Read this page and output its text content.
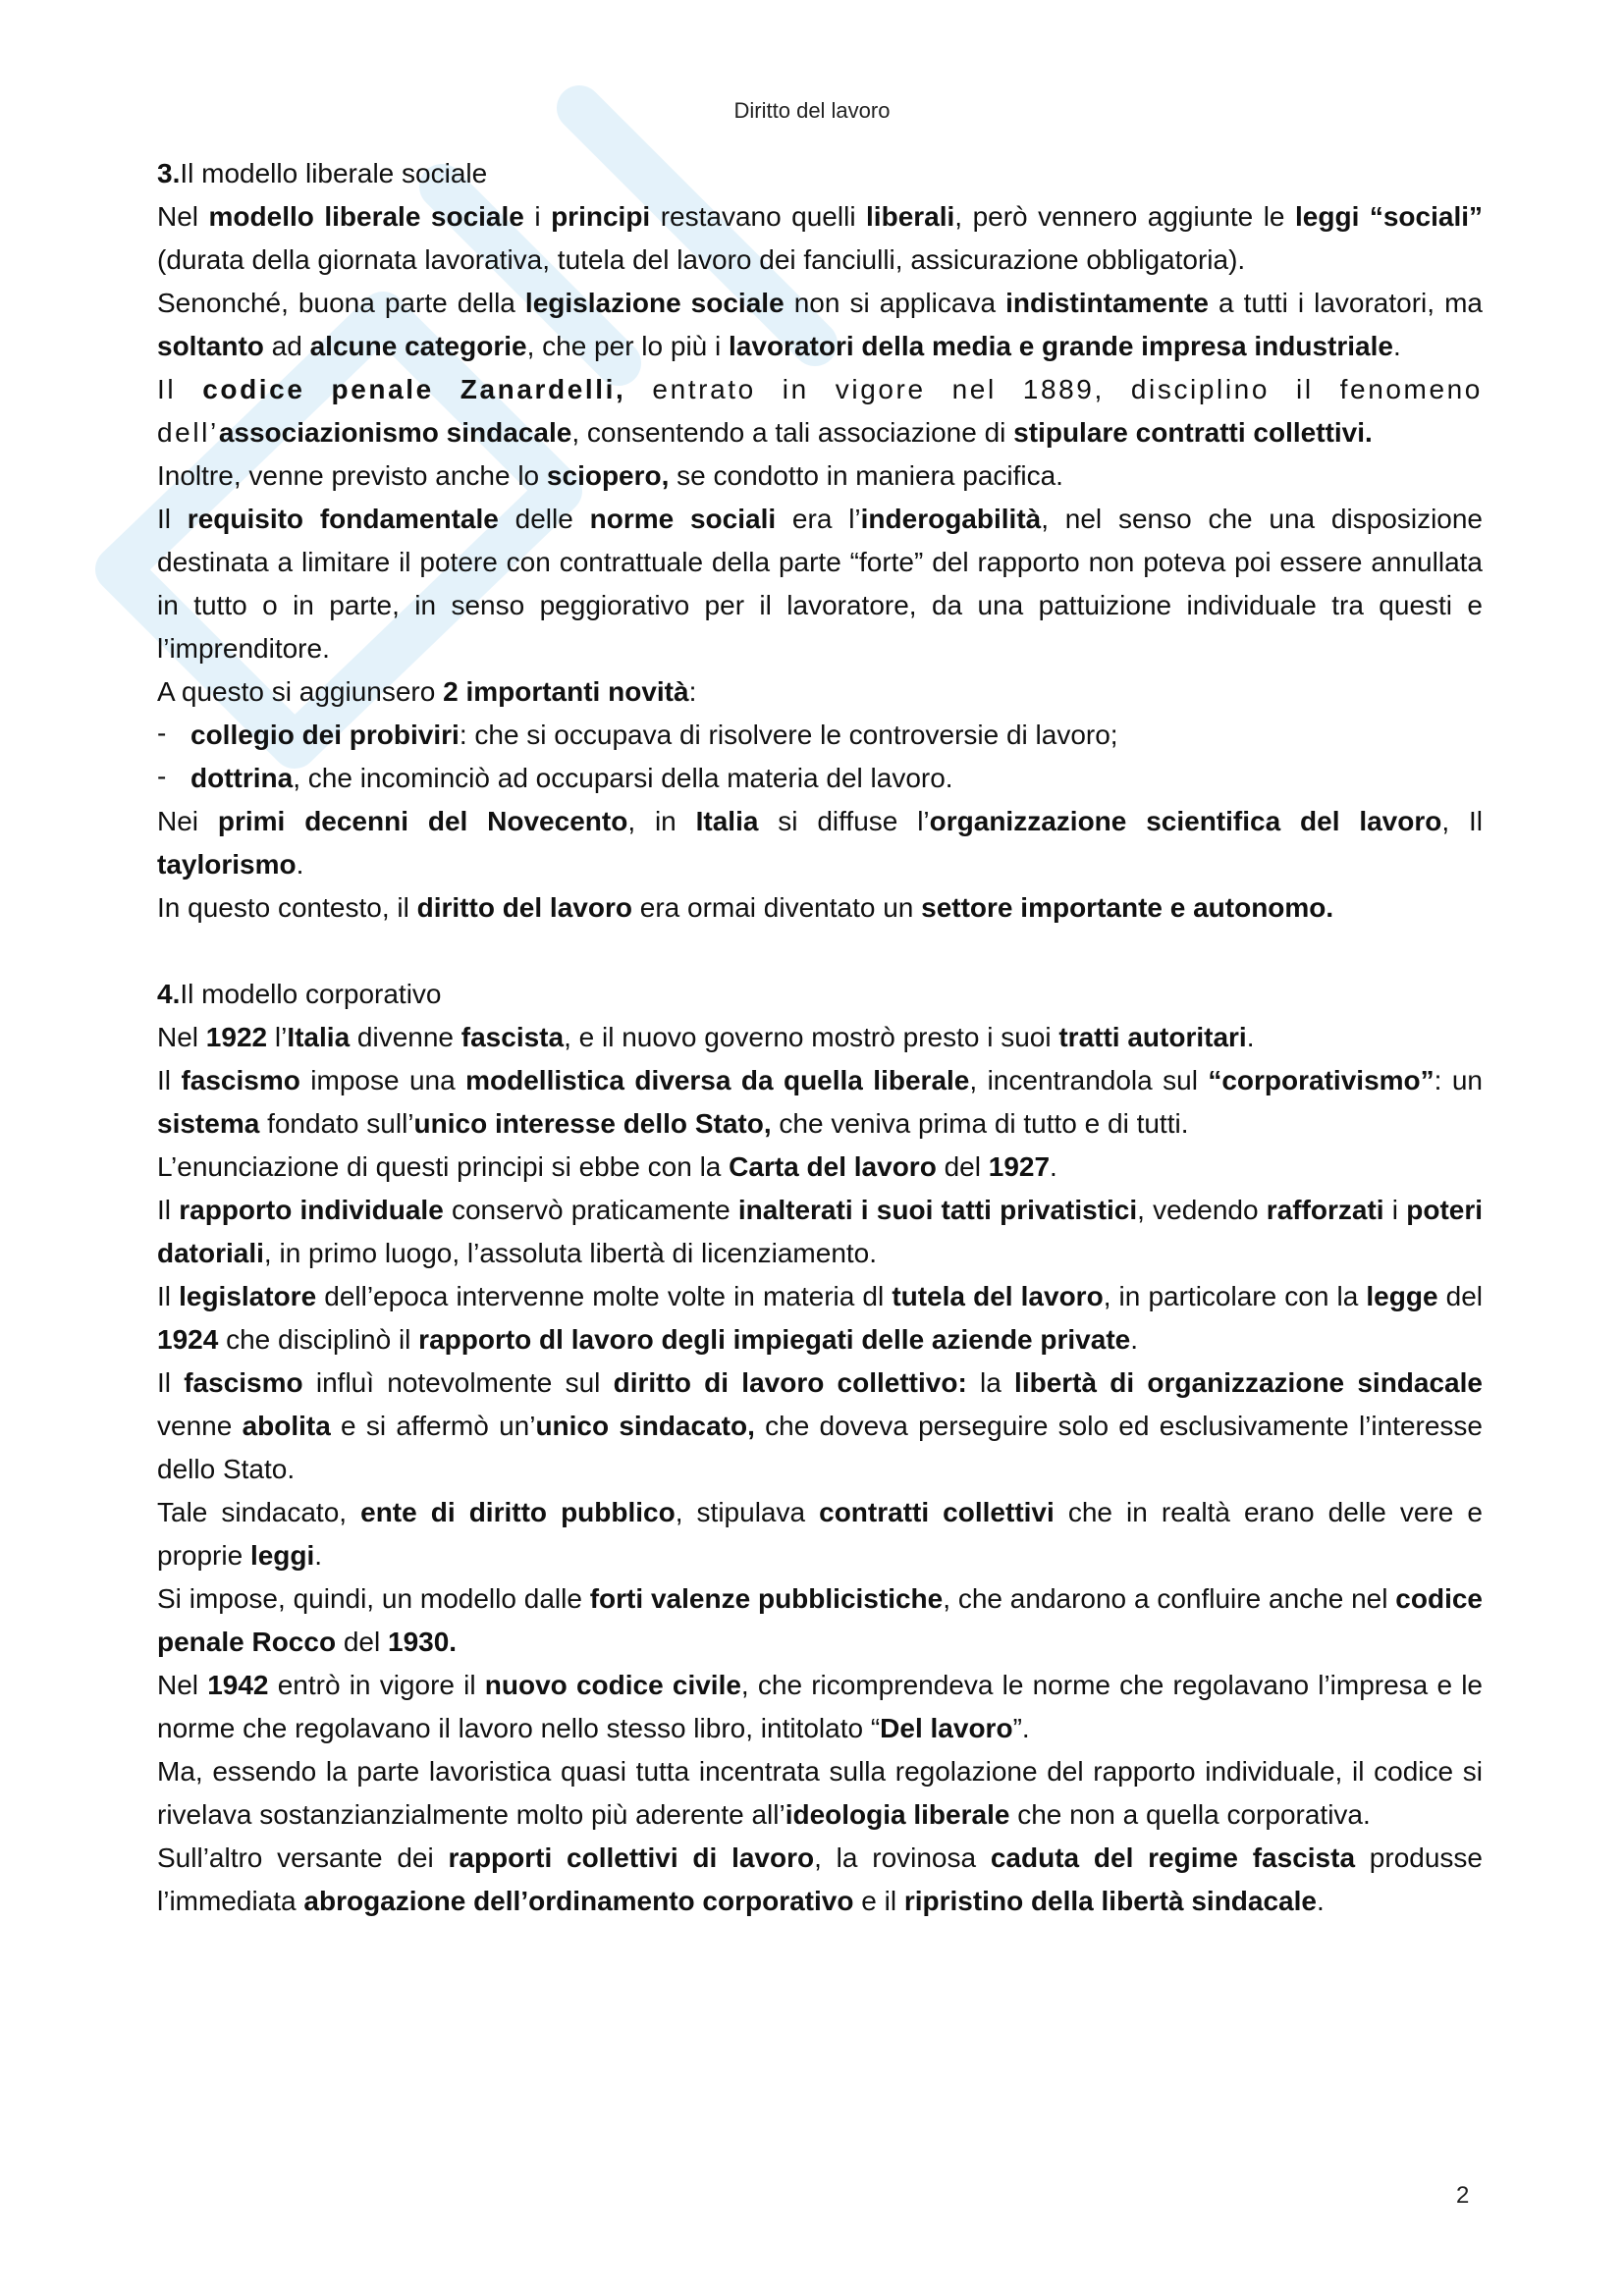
Diritto del lavoro
3.Il modello liberale sociale

Nel modello liberale sociale i principi restavano quelli liberali, però vennero aggiunte le leggi “sociali” (durata della giornata lavorativa, tutela del lavoro dei fanciulli, assicurazione obbligatoria).

Senonché, buona parte della legislazione sociale non si applicava indistintamente a tutti i lavoratori, ma soltanto ad alcune categorie, che per lo più i lavoratori della media e grande impresa industriale.

Il codice penale Zanardelli, entrato in vigore nel 1889, disciplino il fenomeno dell’associazionismo sindacale, consentendo a tali associazione di stipulare contratti collettivi.

Inoltre, venne previsto anche lo sciopero, se condotto in maniera pacifica.

Il requisito fondamentale delle norme sociali era l’inderogabilità, nel senso che una disposizione destinata a limitare il potere con contrattuale della parte “forte” del rapporto non poteva poi essere annullata in tutto o in parte, in senso peggiorativo per il lavoratore, da una pattuizione individuale tra questi e l’imprenditore.

A questo si aggiunsero 2 importanti novità:

- collegio dei probiviri: che si occupava di risolvere le controversie di lavoro;
- dottrina, che incominciò ad occuparsi della materia del lavoro.

Nei primi decenni del Novecento, in Italia si diffuse l’organizzazione scientifica del lavoro, Il taylorismo.

In questo contesto, il diritto del lavoro era ormai diventato un settore importante e autonomo.

4.Il modello corporativo

Nel 1922 l’Italia divenne fascista, e il nuovo governo mostrò presto i suoi tratti autoritari.

Il fascismo impose una modellistica diversa da quella liberale, incentrandola sul “corporativismo”: un sistema fondato sull’unico interesse dello Stato, che veniva prima di tutto e di tutti.

L’enunciazione di questi principi si ebbe con la Carta del lavoro del 1927.

Il rapporto individuale conservò praticamente inalterati i suoi tatti privatistici, vedendo rafforzati i poteri datoriali, in primo luogo, l’assoluta libertà di licenziamento.

Il legislatore dell’epoca intervenne molte volte in materia dl tutela del lavoro, in particolare con la legge del 1924 che disciplinò il rapporto dl lavoro degli impiegati delle aziende private.

Il fascismo influì notevolmente sul diritto di lavoro collettivo: la libertà di organizzazione sindacale venne abolita e si affermò un’unico sindacato, che doveva perseguire solo ed esclusivamente l’interesse dello Stato.

Tale sindacato, ente di diritto pubblico, stipulava contratti collettivi che in realtà erano delle vere e proprie leggi.

Si impose, quindi, un modello dalle forti valenze pubblicistiche, che andarono a confluire anche nel codice penale Rocco del 1930.

Nel 1942 entrò in vigore il nuovo codice civile, che ricomprendeva le norme che regolavano l’impresa e le norme che regolavano il lavoro nello stesso libro, intitolato “Del lavoro”.

Ma, essendo la parte lavoristica quasi tutta incentrata sulla regolazione del rapporto individuale, il codice si rivelava sostanzianzialmente molto più aderente all’ideologia liberale che non a quella corporativa.

Sull’altro versante dei rapporti collettivi di lavoro, la rovinosa caduta del regime fascista produsse l’immediata abrogazione dell’ordinamento corporativo e il ripristino della libertà sindacale.

2
